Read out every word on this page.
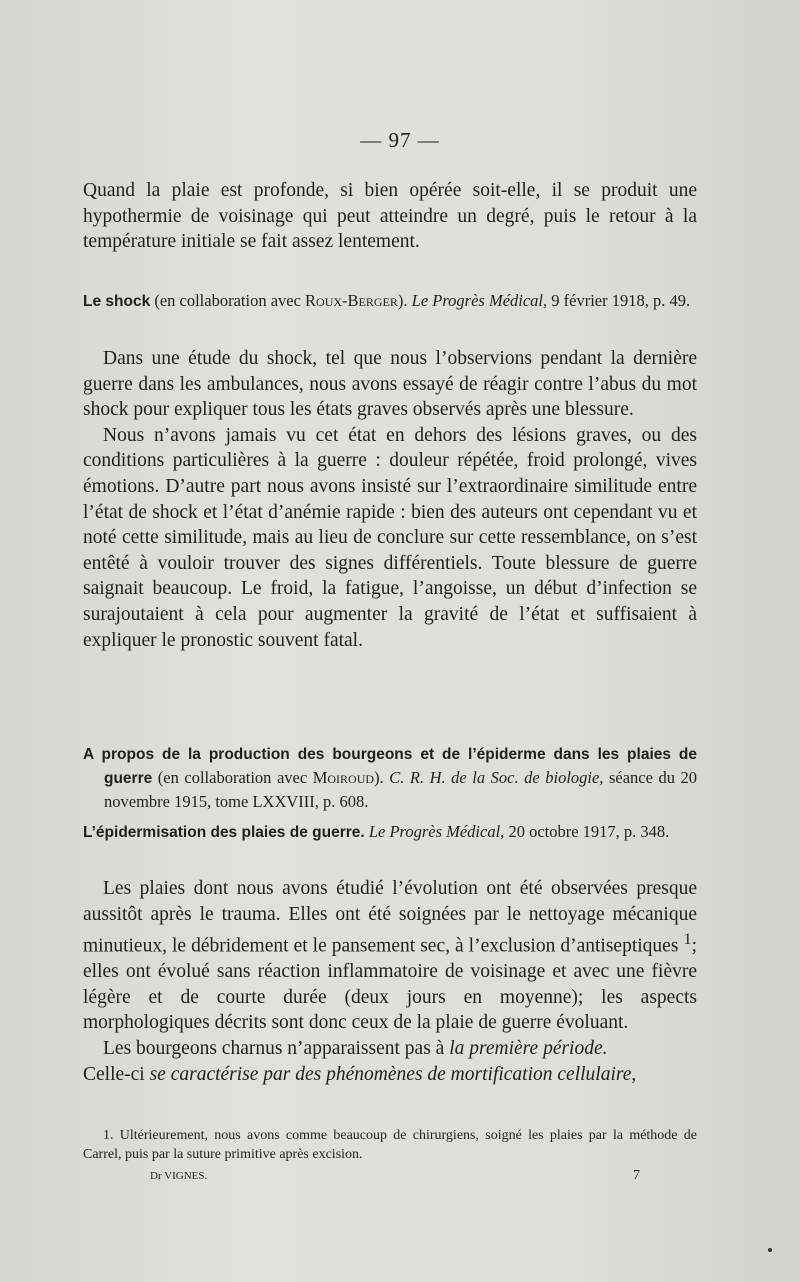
— 97 —

Quand la plaie est profonde, si bien opérée soit-elle, il se produit une hypothermie de voisinage qui peut atteindre un degré, puis le retour à la température initiale se fait assez lentement.

Le shock (en collaboration avec Roux-Berger). Le Progrès Médical, 9 février 1918, p. 49.

Dans une étude du shock, tel que nous l’observions pendant la dernière guerre dans les ambulances, nous avons essayé de réagir contre l’abus du mot shock pour expliquer tous les états graves observés après une blessure.

Nous n’avons jamais vu cet état en dehors des lésions graves, ou des conditions particulières à la guerre : douleur répétée, froid prolongé, vives émotions. D’autre part nous avons insisté sur l’extraordinaire similitude entre l’état de shock et l’état d’anémie rapide : bien des auteurs ont cependant vu et noté cette similitude, mais au lieu de conclure sur cette ressemblance, on s’est entêté à vouloir trouver des signes différentiels. Toute blessure de guerre saignait beaucoup. Le froid, la fatigue, l’angoisse, un début d’infection se surajoutaient à cela pour augmenter la gravité de l’état et suffisaient à expliquer le pronostic souvent fatal.

A propos de la production des bourgeons et de l’épiderme dans les plaies de guerre (en collaboration avec Moiroud). C. R. H. de la Soc. de biologie, séance du 20 novembre 1915, tome LXXVIII, p. 608.

L’épidermisation des plaies de guerre. Le Progrès Médical, 20 octobre 1917, p. 348.

Les plaies dont nous avons étudié l’évolution ont été observées presque aussitôt après le trauma. Elles ont été soignées par le nettoyage mécanique minutieux, le débridement et le pansement sec, à l’exclusion d’antiseptiques $^1$; elles ont évolué sans réaction inflammatoire de voisinage et avec une fièvre légère et de courte durée (deux jours en moyenne); les aspects morphologiques décrits sont donc ceux de la plaie de guerre évoluant.

Les bourgeons charnus n’apparaissent pas à la première période.

Celle-ci se caractérise par des phénomènes de mortification cellulaire,

1. Ultérieurement, nous avons comme beaucoup de chirurgiens, soigné les plaies par la méthode de Carrel, puis par la suture primitive après excision.

Dr VIGNES.	7
